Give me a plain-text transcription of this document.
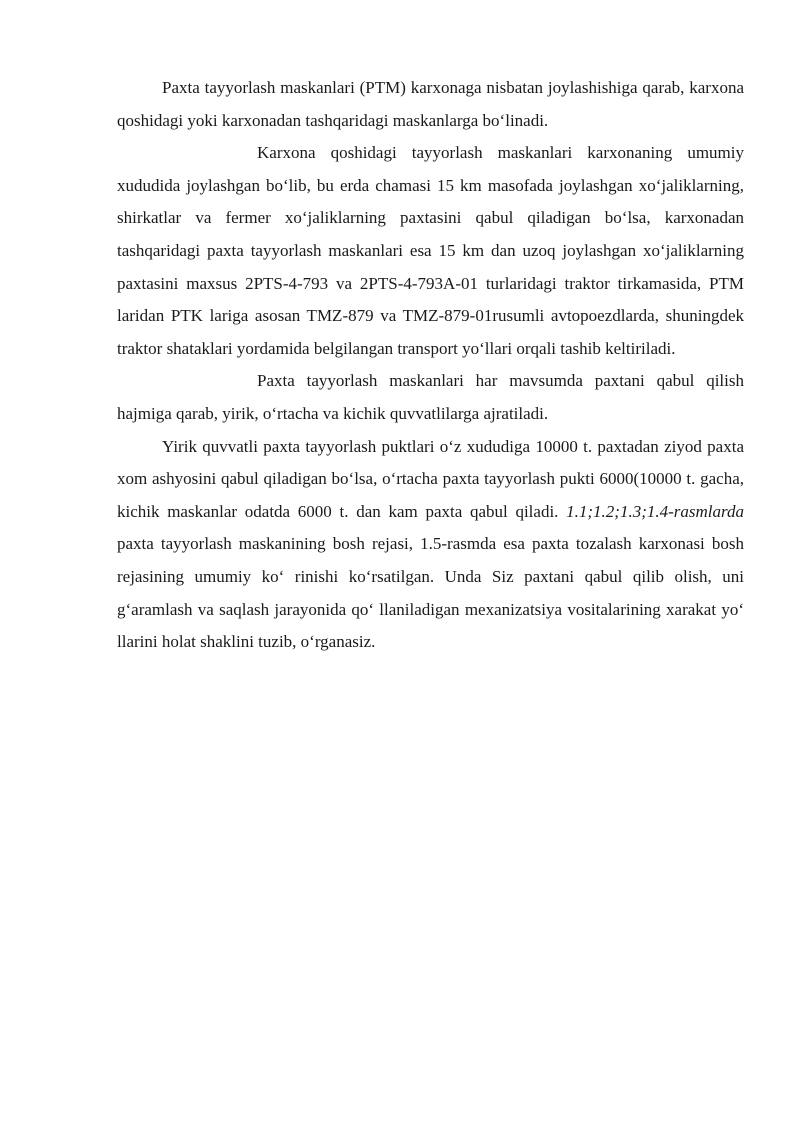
Paxta tayyorlash maskanlari (PTM) karxonaga nisbatan joylashishiga qarab, karxona qoshidagi yoki karxonadan tashqaridagi maskanlarga bo‘linadi.

Karxona qoshidagi tayyorlash maskanlari karxonaning umumiy xududida joylashgan bo‘lib, bu erda chamasi 15 km masofada joylashgan xo‘jaliklarning, shirkatlar va fermer xo‘jaliklarning paxtasini qabul qiladigan bo‘lsa, karxonadan tashqaridagi paxta tayyorlash maskanlari esa 15 km dan uzoq joylashgan xo‘jaliklarning paxtasini maxsus 2PTS-4-793 va 2PTS-4-793A-01 turlaridagi traktor tirkamasida, PTM laridan PTK lariga asosan TMZ-879 va TMZ-879-01rusumli avtopoezdlarda, shuningdek traktor shataklari yordamida belgilangan transport yo‘llari orqali tashib keltiriladi.

Paxta tayyorlash maskanlari har mavsumda paxtani qabul qilish hajmiga qarab, yirik, o‘rtacha va kichik quvvatlilarga ajratiladi.

Yirik quvvatli paxta tayyorlash puktlari o‘z xududiga 10000 t. paxtadan ziyod paxta xom ashyosini qabul qiladigan bo‘lsa, o‘rtacha paxta tayyorlash pukti 6000(10000 t. gacha, kichik maskanlar odatda 6000 t. dan kam paxta qabul qiladi. 1.1;1.2;1.3;1.4-rasmlarda paxta tayyorlash maskanining bosh rejasi, 1.5-rasmda esa paxta tozalash karxonasi bosh rejasining umumiy ko‘ rinishi ko‘rsatilgan. Unda Siz paxtani qabul qilib olish, uni g‘aramlash va saqlash jarayonida qo‘ llaniladigan mexanizatsiya vositalarining xarakat yo‘ llarini holat shaklini tuzib, o‘rganasiz.
